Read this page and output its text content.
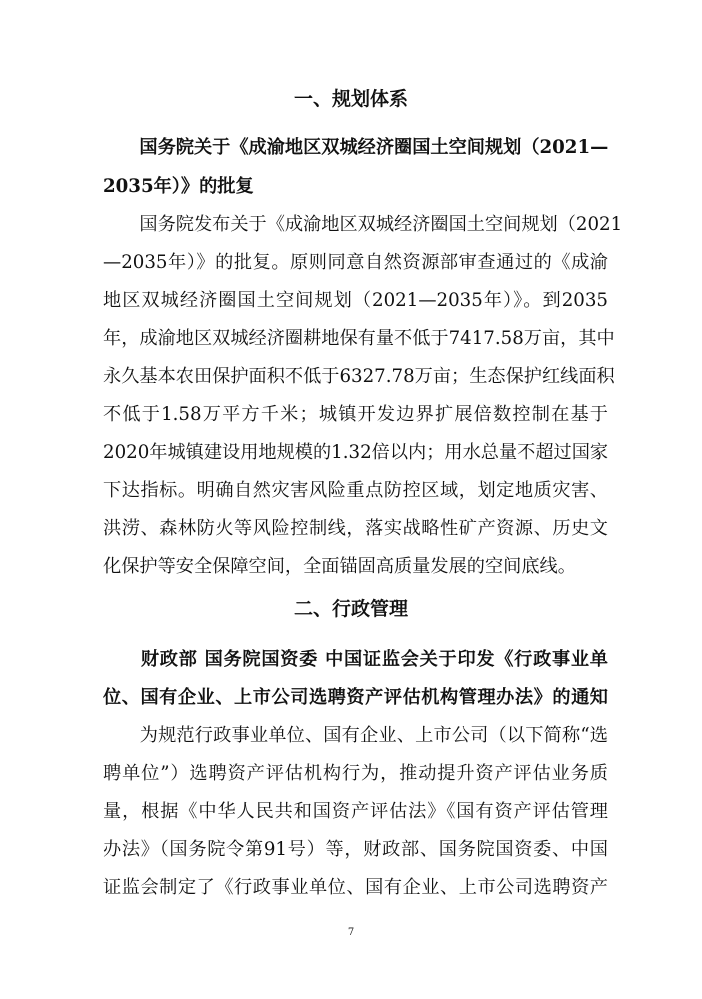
一、规划体系
　　国务院关于《成渝地区双城经济圈国土空间规划（2021—
2035年）》的批复
　　国务院发布关于《成渝地区双城经济圈国土空间规划（2021
—2035年）》的批复。原则同意自然资源部审查通过的《成渝
地区双城经济圈国土空间规划（2021—2035年）》。到2035
年，成渝地区双城经济圈耕地保有量不低于7417.58万亩，其中
永久基本农田保护面积不低于6327.78万亩；生态保护红线面积
不低于1.58万平方千米；城镇开发边界扩展倍数控制在基于
2020年城镇建设用地规模的1.32倍以内；用水总量不超过国家
下达指标。明确自然灾害风险重点防控区域，划定地质灾害、
洪涝、森林防火等风险控制线，落实战略性矿产资源、历史文
化保护等安全保障空间，全面锚固高质量发展的空间底线。
二、行政管理
　　财政部 国务院国资委 中国证监会关于印发《行政事业单
位、国有企业、上市公司选聘资产评估机构管理办法》的通知
　　为规范行政事业单位、国有企业、上市公司（以下简称“选
聘单位”）选聘资产评估机构行为，推动提升资产评估业务质
量，根据《中华人民共和国资产评估法》《国有资产评估管理
办法》（国务院令第91号）等，财政部、国务院国资委、中国
证监会制定了《行政事业单位、国有企业、上市公司选聘资产
7
